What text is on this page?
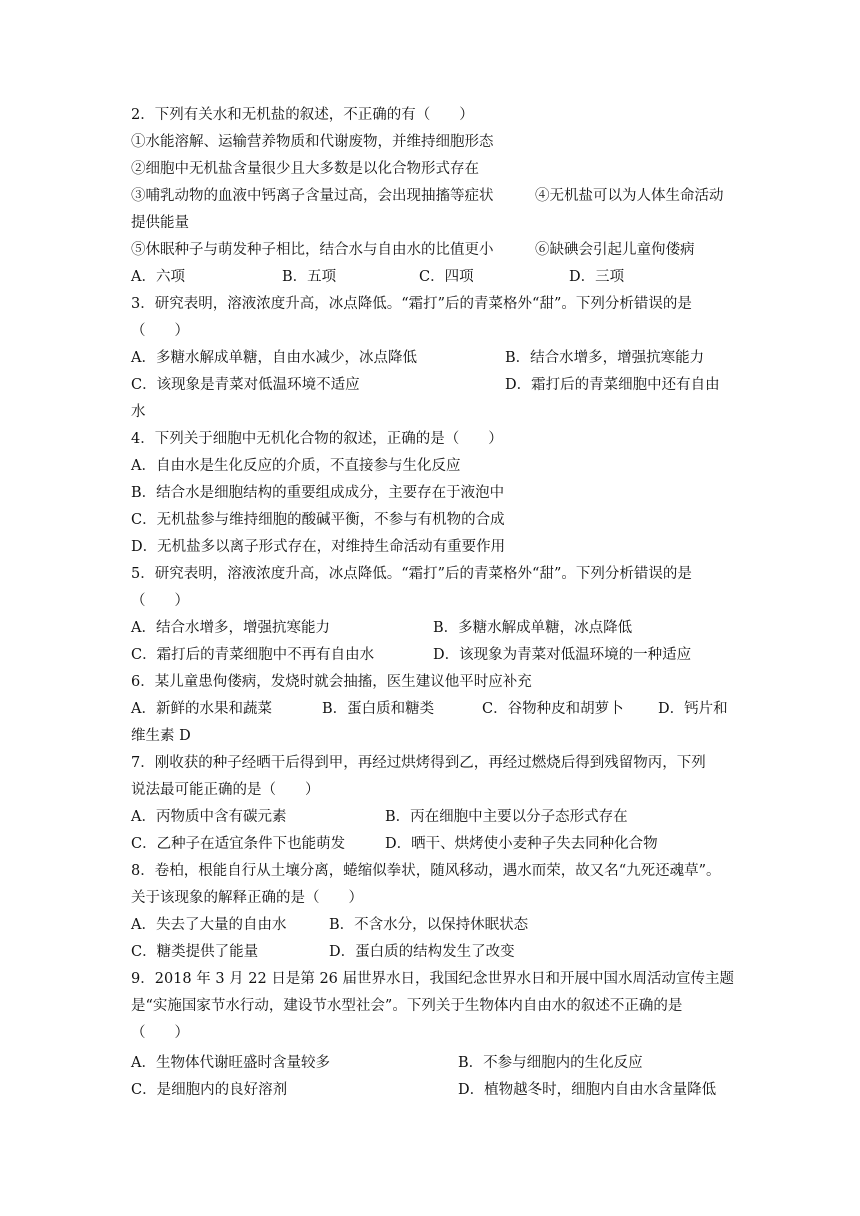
2．下列有关水和无机盐的叙述，不正确的有（　　）
①水能溶解、运输营养物质和代谢废物，并维持细胞形态
②细胞中无机盐含量很少且大多数是以化合物形式存在
③哺乳动物的血液中钙离子含量过高，会出现抽搐等症状	④无机盐可以为人体生命活动
提供能量
⑤休眠种子与萌发种子相比，结合水与自由水的比值更小	⑥缺碘会引起儿童佝偻病
A．六项	B．五项	C．四项	D．三项
3．研究表明，溶液浓度升高，冰点降低。“霜打”后的青菜格外“甜”。下列分析错误的是
（　　）
A．多糖水解成单糖，自由水减少，冰点降低	B．结合水增多，增强抗寒能力
C．该现象是青菜对低温环境不适应	D．霜打后的青菜细胞中还有自由
水
4．下列关于细胞中无机化合物的叙述，正确的是（　　）
A．自由水是生化反应的介质，不直接参与生化反应
B．结合水是细胞结构的重要组成成分，主要存在于液泡中
C．无机盐参与维持细胞的酸碱平衡，不参与有机物的合成
D．无机盐多以离子形式存在，对维持生命活动有重要作用
5．研究表明，溶液浓度升高，冰点降低。“霜打”后的青菜格外“甜”。下列分析错误的是
（　　）
A．结合水增多，增强抗寒能力	B．多糖水解成单糖，冰点降低
C．霜打后的青菜细胞中不再有自由水	D．该现象为青菜对低温环境的一种适应
6．某儿童患佝偻病，发烧时就会抽搐，医生建议他平时应补充
A．新鲜的水果和蔬菜	B．蛋白质和糖类	C．谷物种皮和胡萝卜 D．钙片和
维生素 D
7．刚收获的种子经晒干后得到甲，再经过烘烤得到乙，再经过燃烧后得到残留物丙，下列
说法最可能正确的是（　　）
A．丙物质中含有碳元素	B．丙在细胞中主要以分子态形式存在
C．乙种子在适宜条件下也能萌发	D．晒干、烘烤使小麦种子失去同种化合物
8．卷柏，根能自行从土壤分离，蜷缩似拳状，随风移动，遇水而荣，故又名“九死还魂草”。
关于该现象的解释正确的是（　　）
A．失去了大量的自由水	B．不含水分，以保持休眠状态
C．糖类提供了能量	D．蛋白质的结构发生了改变
9．2018 年 3 月 22 日是第 26 届世界水日，我国纪念世界水日和开展中国水周活动宣传主题
是“实施国家节水行动，建设节水型社会”。下列关于生物体内自由水的叙述不正确的是
（　　）
A．生物体代谢旺盛时含量较多	B．不参与细胞内的生化反应
C．是细胞内的良好溶剂	D．植物越冬时，细胞内自由水含量降低
